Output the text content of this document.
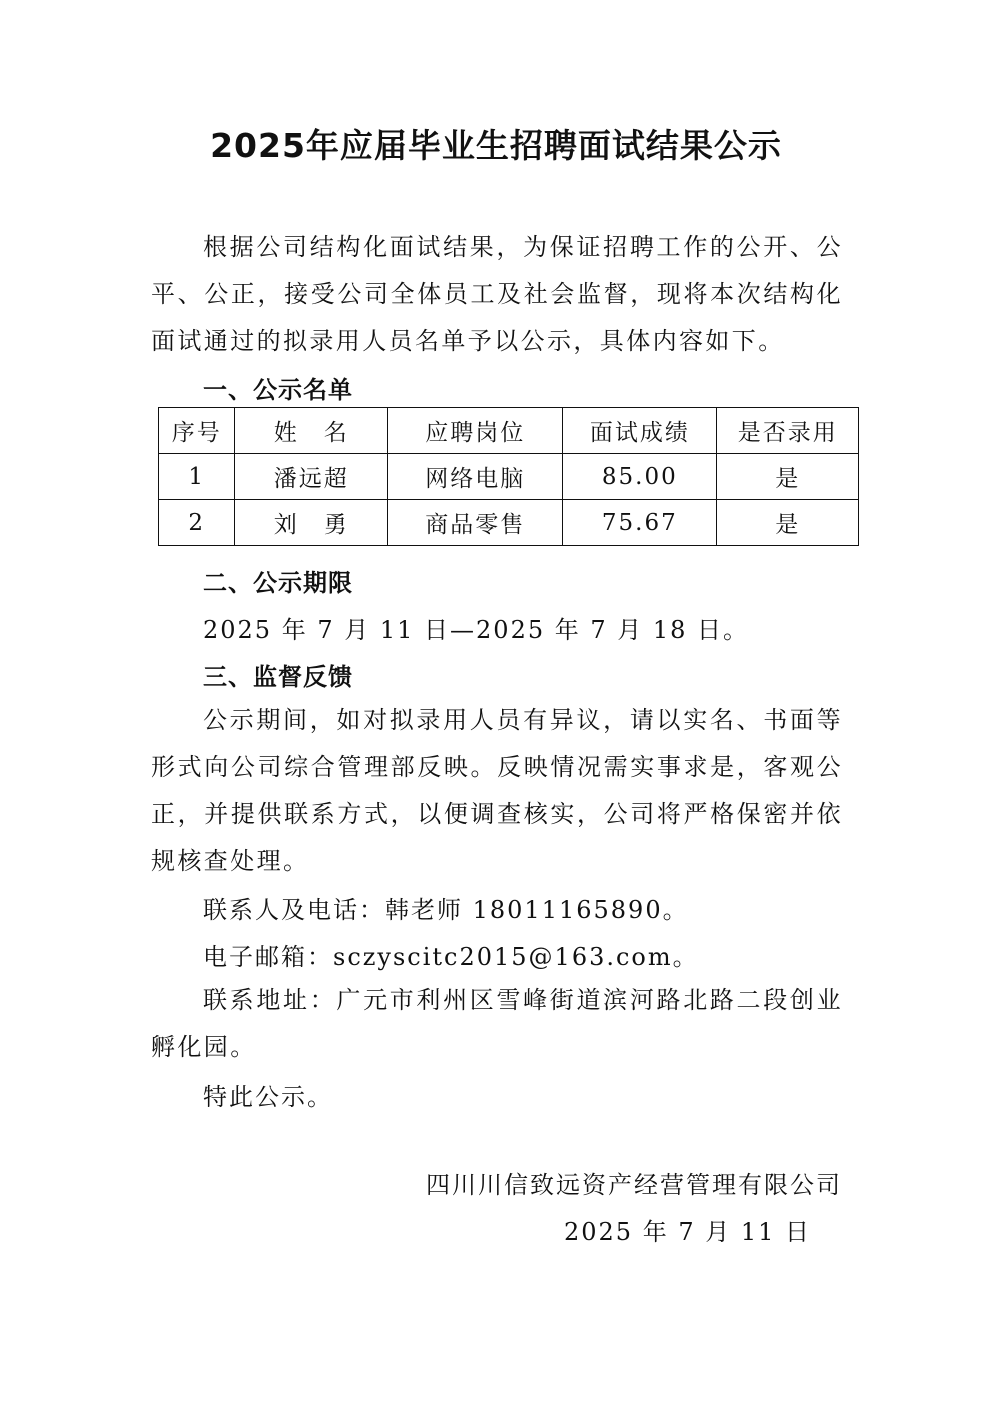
2025年应届毕业生招聘面试结果公示
根据公司结构化面试结果，为保证招聘工作的公开、公平、公正，接受公司全体员工及社会监督，现将本次结构化面试通过的拟录用人员名单予以公示，具体内容如下。
一、公示名单
序号	姓　名	应聘岗位	面试成绩	是否录用
1	潘远超	网络电脑	85.00	是
2	刘　勇	商品零售	75.67	是
二、公示期限
2025 年 7 月 11 日—2025 年 7 月 18 日。
三、监督反馈
公示期间，如对拟录用人员有异议，请以实名、书面等形式向公司综合管理部反映。反映情况需实事求是，客观公正，并提供联系方式，以便调查核实，公司将严格保密并依规核查处理。
联系人及电话：韩老师 18011165890。
电子邮箱：sczyscitc2015@163.com。
联系地址：广元市利州区雪峰街道滨河路北路二段创业孵化园。
特此公示。
四川川信致远资产经营管理有限公司
2025 年 7 月 11 日
